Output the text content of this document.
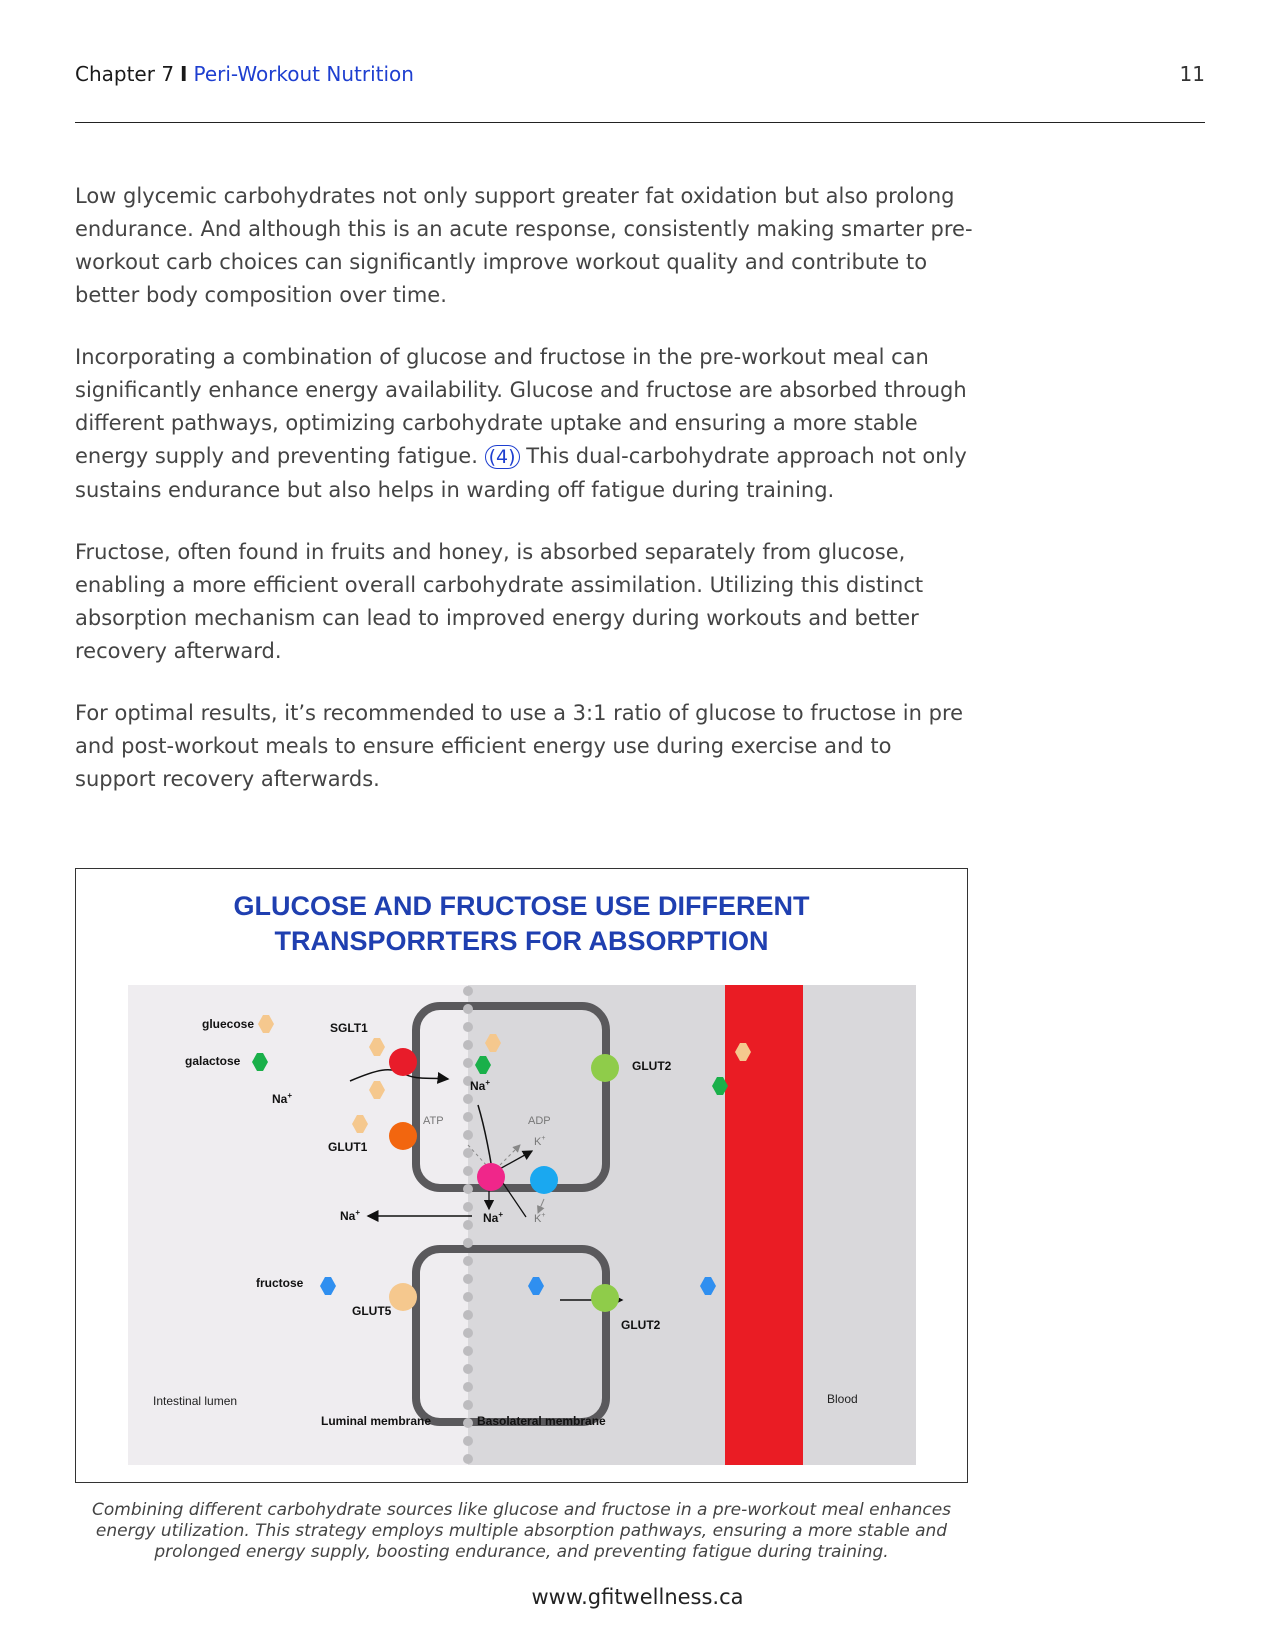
Chapter 7 I Peri-Workout Nutrition	11

Low glycemic carbohydrates not only support greater fat oxidation but also prolong endurance. And although this is an acute response, consistently making smarter pre-workout carb choices can significantly improve workout quality and contribute to better body composition over time.

Incorporating a combination of glucose and fructose in the pre-workout meal can significantly enhance energy availability. Glucose and fructose are absorbed through different pathways, optimizing carbohydrate uptake and ensuring a more stable energy supply and preventing fatigue. (4) This dual-carbohydrate approach not only sustains endurance but also helps in warding off fatigue during training.

Fructose, often found in fruits and honey, is absorbed separately from glucose, enabling a more efficient overall carbohydrate assimilation. Utilizing this distinct absorption mechanism can lead to improved energy during workouts and better recovery afterward.

For optimal results, it’s recommended to use a 3:1 ratio of glucose to fructose in pre and post-workout meals to ensure efficient energy use during exercise and to support recovery afterwards.

GLUCOSE AND FRUCTOSE USE DIFFERENT
TRANSPORRTERS FOR ABSORPTION
gluecose
galactose
Na+
SGLT1
Na+
GLUT1
ATP	ADP
K+
K+
Na+
Na+
GLUT2
fructose
GLUT5
GLUT2
Intestinal lumen
Luminal membrane	Basolateral membrane
Blood
Combining different carbohydrate sources like glucose and fructose in a pre-workout meal enhances energy utilization. This strategy employs multiple absorption pathways, ensuring a more stable and prolonged energy supply, boosting endurance, and preventing fatigue during training.
www.gfitwellness.ca
